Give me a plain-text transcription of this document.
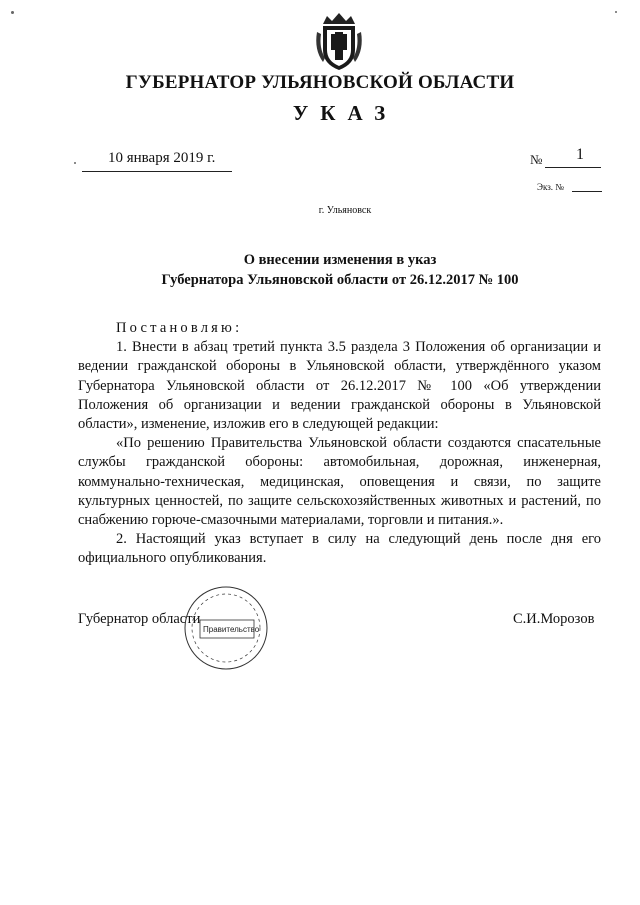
ГУБЕРНАТОР УЛЬЯНОВСКОЙ ОБЛАСТИ
УКАЗ
10 января 2019 г.	№ 1
Экз. №
г. Ульяновск
О внесении изменения в указ
Губернатора Ульяновской области от 26.12.2017 № 100

Постановляю:

1. Внести в абзац третий пункта 3.5 раздела 3 Положения об организации и ведении гражданской обороны в Ульяновской области, утверждённого указом Губернатора Ульяновской области от 26.12.2017 № 100 «Об утверждении Положения об организации и ведении гражданской обороны в Ульяновской области», изменение, изложив его в следующей редакции:

«По решению Правительства Ульяновской области создаются спасательные службы гражданской обороны: автомобильная, дорожная, инженерная, коммунально-техническая, медицинская, оповещения и связи, по защите культурных ценностей, по защите сельскохозяйственных животных и растений, по снабжению горюче-смазочными материалами, торговли и питания.».

2. Настоящий указ вступает в силу на следующий день после дня его официального опубликования.

Губернатор области	С.И.Морозов
Правительство
